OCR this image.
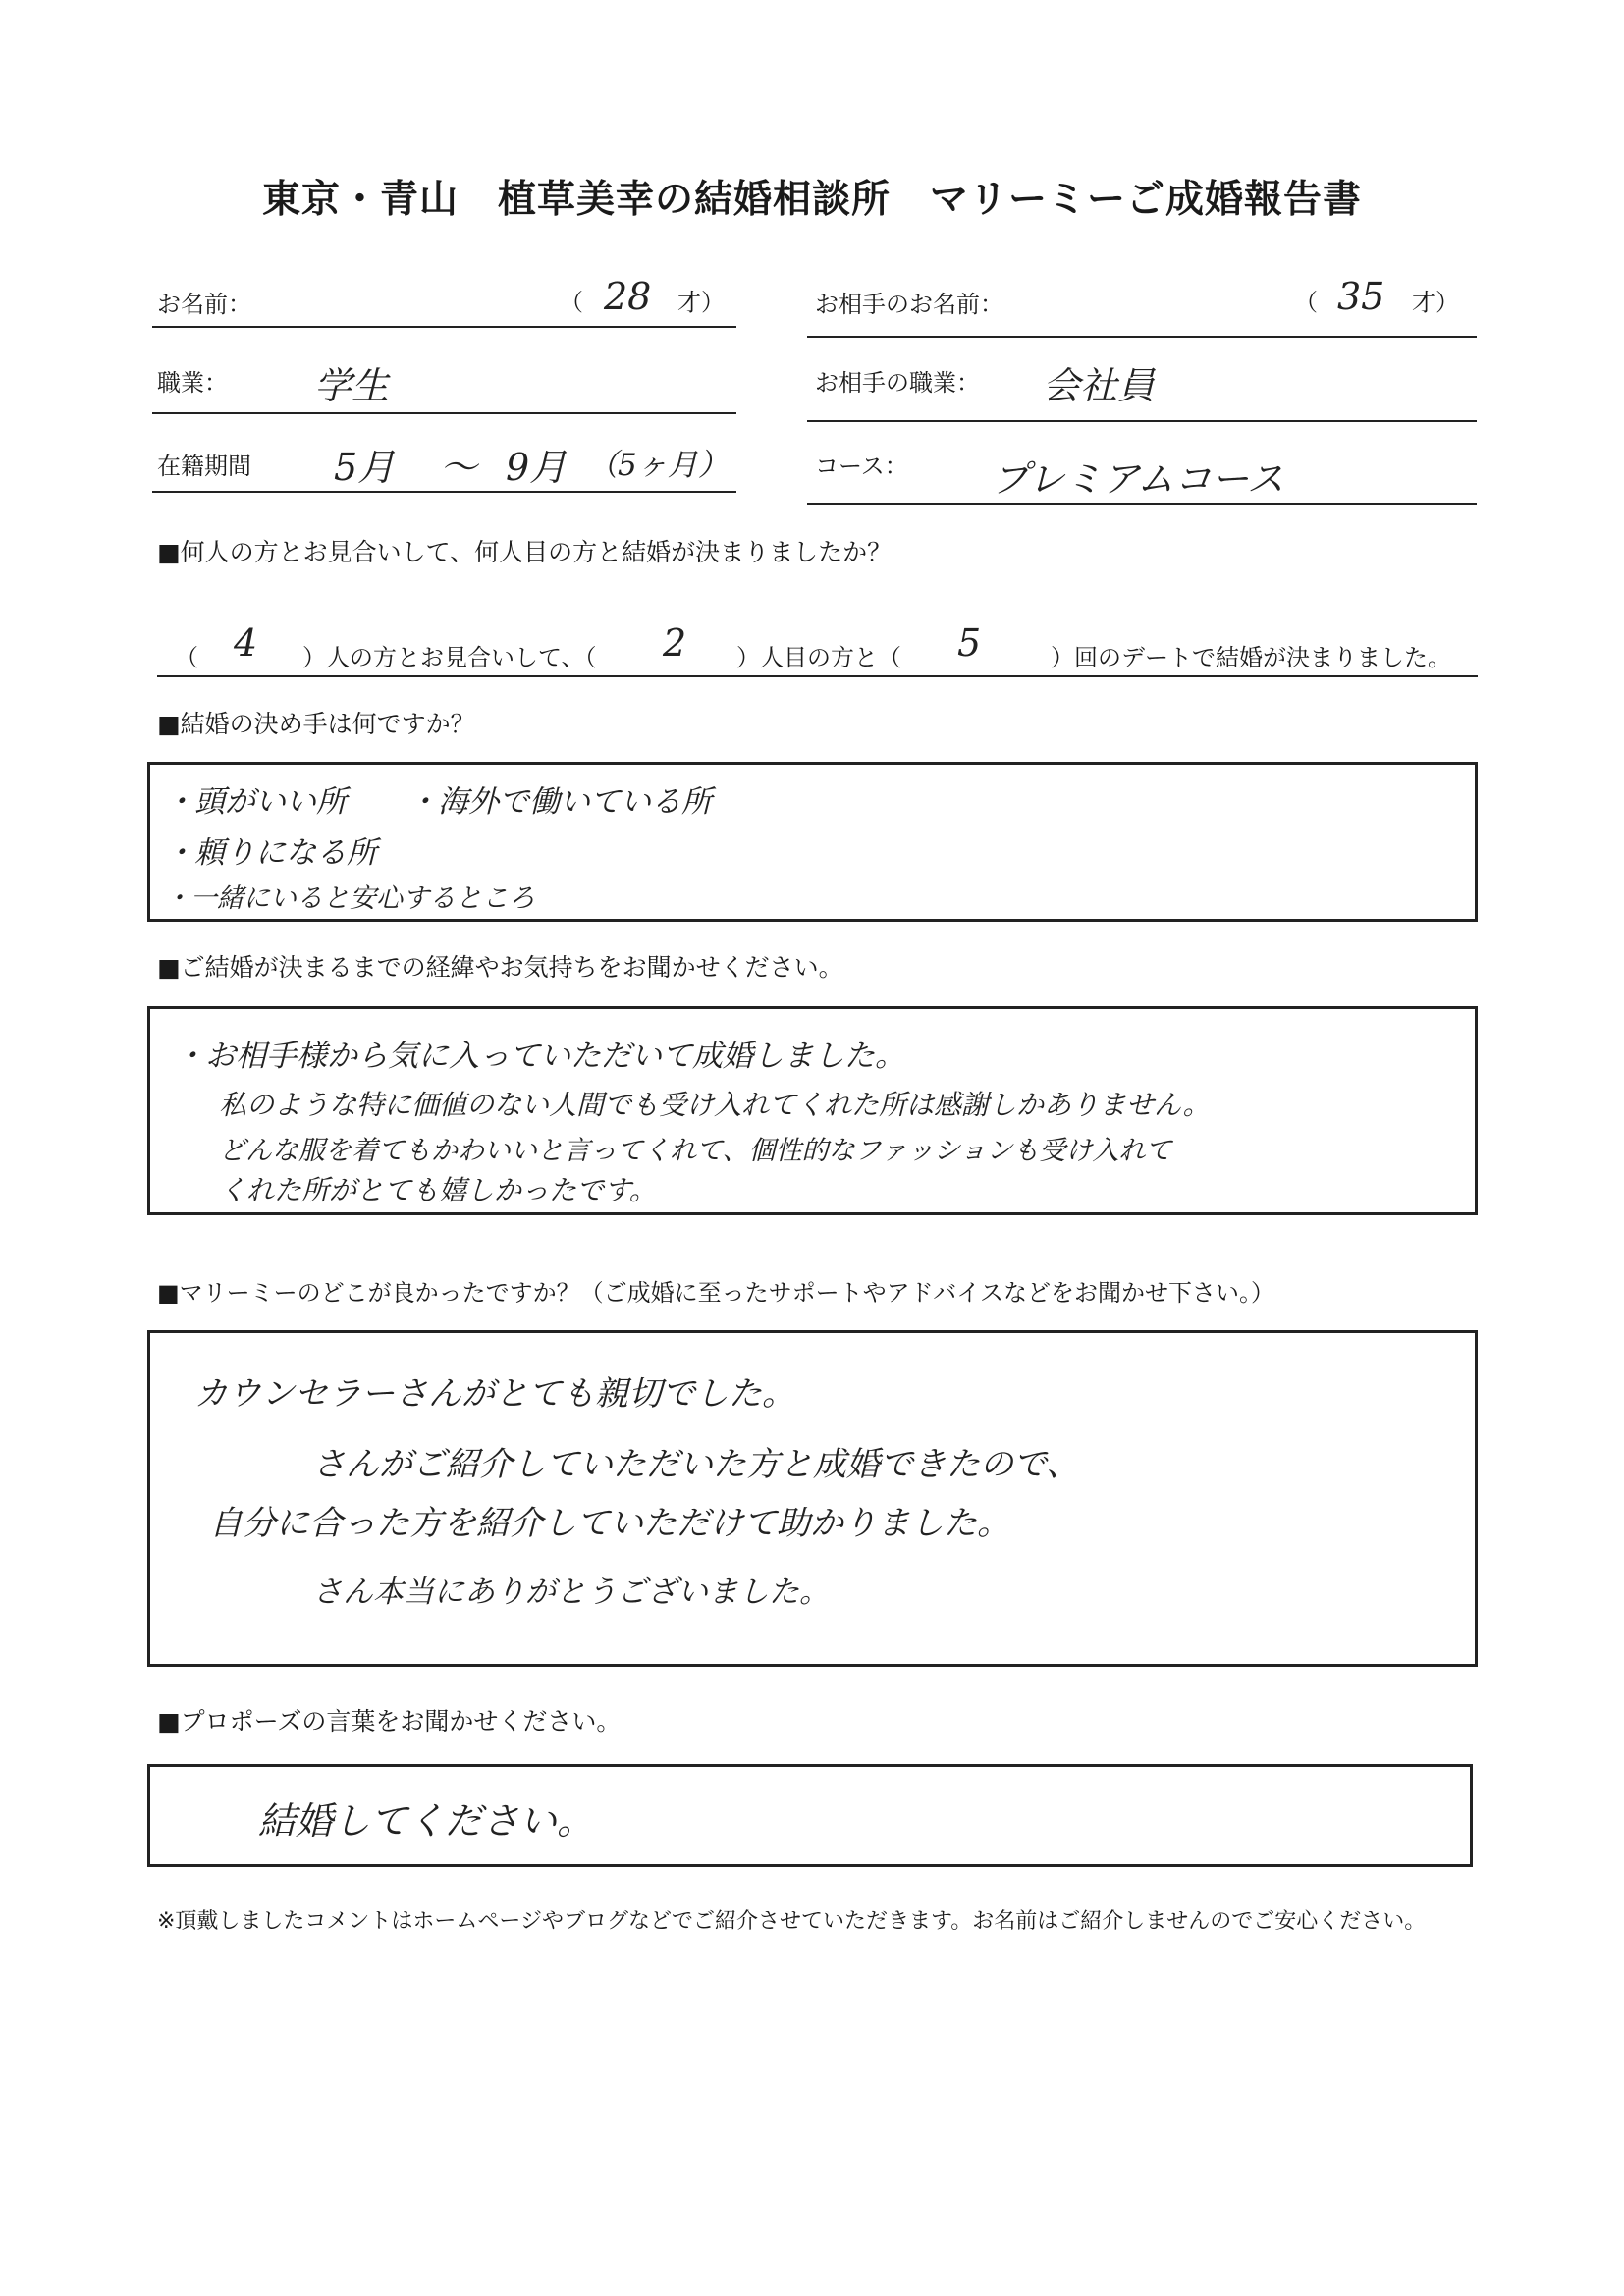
東京・青山　植草美幸の結婚相談所　マリーミーご成婚報告書
お名前：	（ 28 才）	お相手のお名前：	（ 35 才）
職業： 学生	お相手の職業： 会社員
在籍期間 5月 〜 9月 （5ヶ月）	コース： プレミアムコース
■何人の方とお見合いして、何人目の方と結婚が決まりましたか？
（ 4 ）人の方とお見合いして、（ 2 ）人目の方と（ 5	）回のデートで結婚が決まりました。
■結婚の決め手は何ですか？
・頭がいい所　　・海外で働いている所
・頼りになる所
・一緒にいると安心するところ
■ご結婚が決まるまでの経緯やお気持ちをお聞かせください。
・お相手様から気に入っていただいて成婚しました。
私のような特に価値のない人間でも受け入れてくれた所は感謝しかありません。
どんな服を着てもかわいいと言ってくれて、個性的なファッションも受け入れて
くれた所がとても嬉しかったです。
■マリーミーのどこが良かったですか？（ご成婚に至ったサポートやアドバイスなどをお聞かせ下さい。）
カウンセラーさんがとても親切でした。
さんがご紹介していただいた方と成婚できたので、
自分に合った方を紹介していただけて助かりました。
さん本当にありがとうございました。
■プロポーズの言葉をお聞かせください。
結婚してください。
※頂戴しましたコメントはホームページやブログなどでご紹介させていただきます。お名前はご紹介しませんのでご安心ください。
